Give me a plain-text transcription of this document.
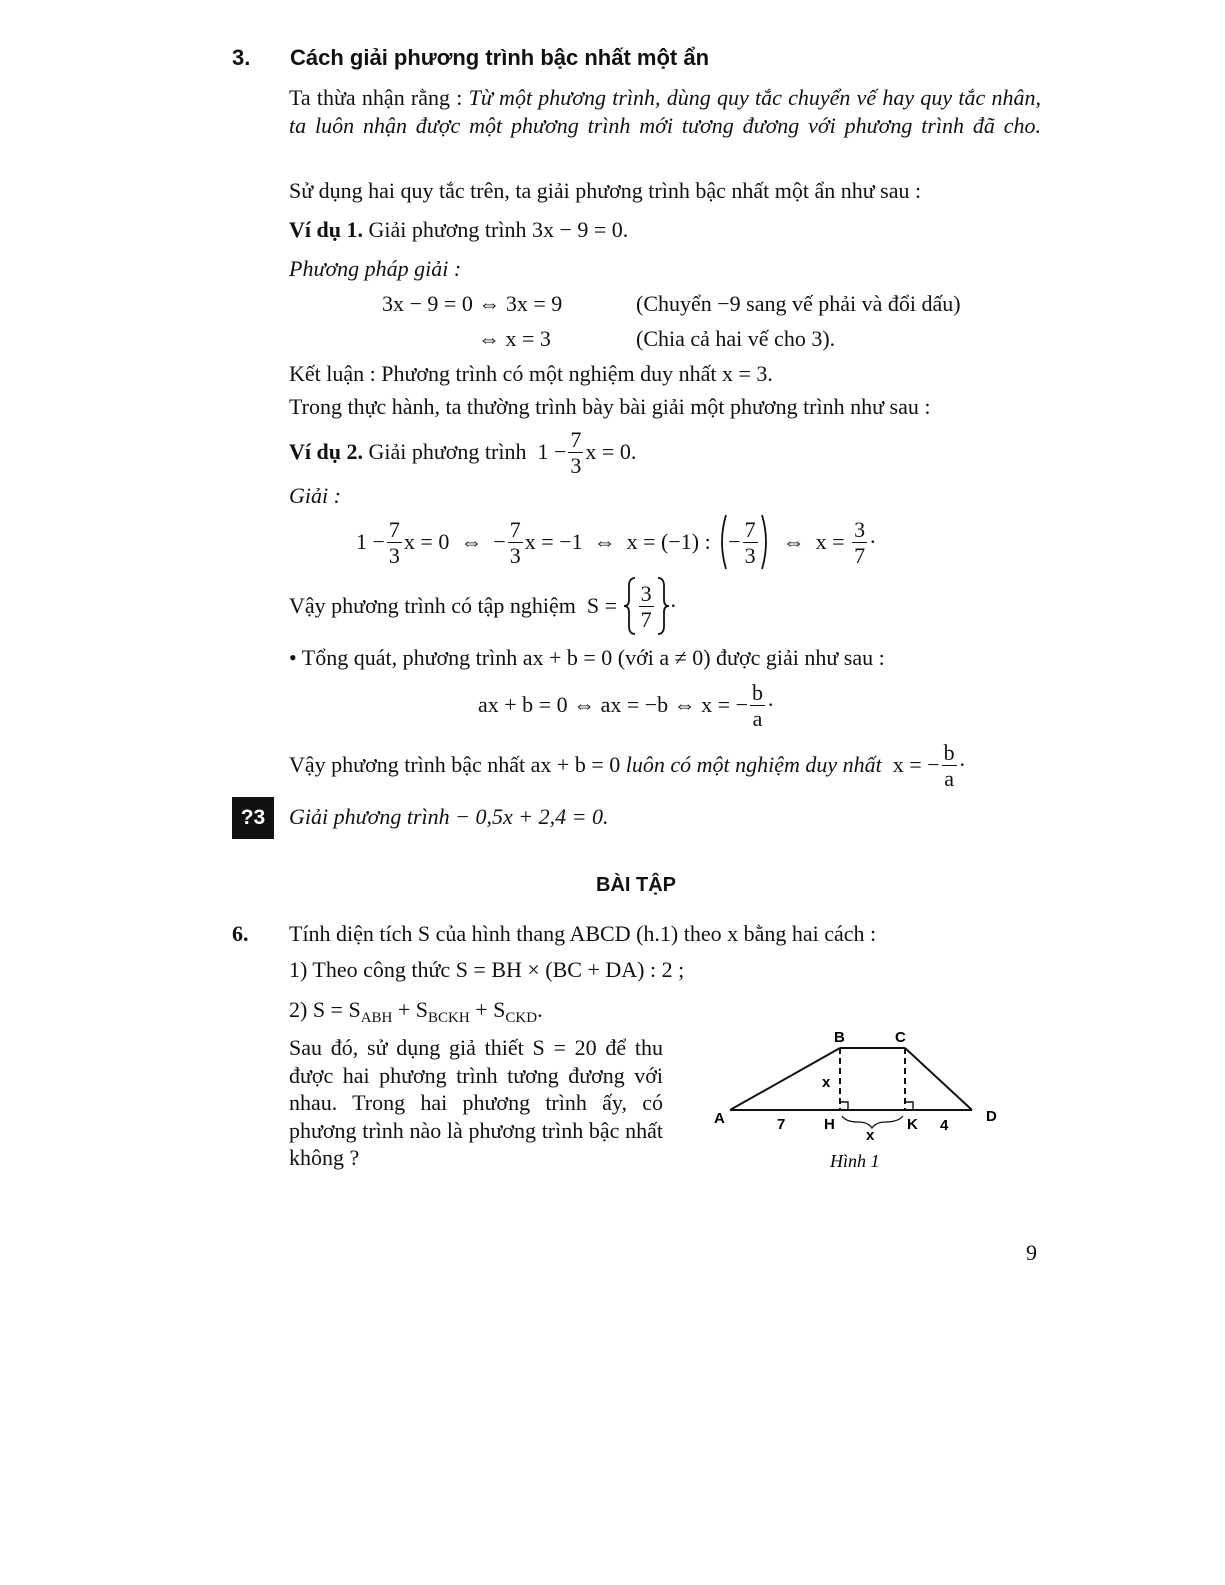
3. Cách giải phương trình bậc nhất một ẩn
Ta thừa nhận rằng : Từ một phương trình, dùng quy tắc chuyển vế hay quy tắc nhân, ta luôn nhận được một phương trình mới tương đương với phương trình đã cho.
Sử dụng hai quy tắc trên, ta giải phương trình bậc nhất một ẩn như sau :
Ví dụ 1. Giải phương trình 3x − 9 = 0.
Phương pháp giải :
3x − 9 = 0 ⇔ 3x = 9	(Chuyển −9 sang vế phải và đổi dấu)
⇔ x = 3	(Chia cả hai vế cho 3).
Kết luận : Phương trình có một nghiệm duy nhất x = 3.
Trong thực hành, ta thường trình bày bài giải một phương trình như sau :
Ví dụ 2.
Giải phương trình
1
− $\frac{7}{3}$ x
=
0 .
Giải :
1
− $\frac{7}{3}$ x
=
0
⇔
− $\frac{7}{3}$ x
=
−1
⇔
x
=
(−1)
:
− $\frac{7}{3}$
⇔
x
=
$\frac{3}{7}$ ·
Vậy phương trình có tập nghiệm
S =
$\frac{3}{7}$ ·
• Tổng quát, phương trình ax + b = 0 (với a ≠ 0) được giải như sau :
ax + b = 0 ⇔ ax = −b ⇔ x = − $\frac{b}{a}$ ·
Vậy phương trình bậc nhất ax + b = 0
luôn có một nghiệm duy nhất
x = − $\frac{b}{a}$ ·
?3	Giải phương trình − 0,5x + 2,4 = 0.
BÀI TẬP
6. Tính diện tích S của hình thang ABCD (h.1) theo x bằng hai cách :
1) Theo công thức S = BH × (BC + DA) : 2 ;
2) $S = S_{ABH} + S_{BCKH} + S_{CKD}$.
Sau đó, sử dụng giả thiết S = 20 để thu được hai phương trình tương đương với nhau. Trong hai phương trình ấy, có phương trình nào là phương trình bậc nhất không ?
A
B	C
D
H	K
7	4
x
x
Hình 1
9
